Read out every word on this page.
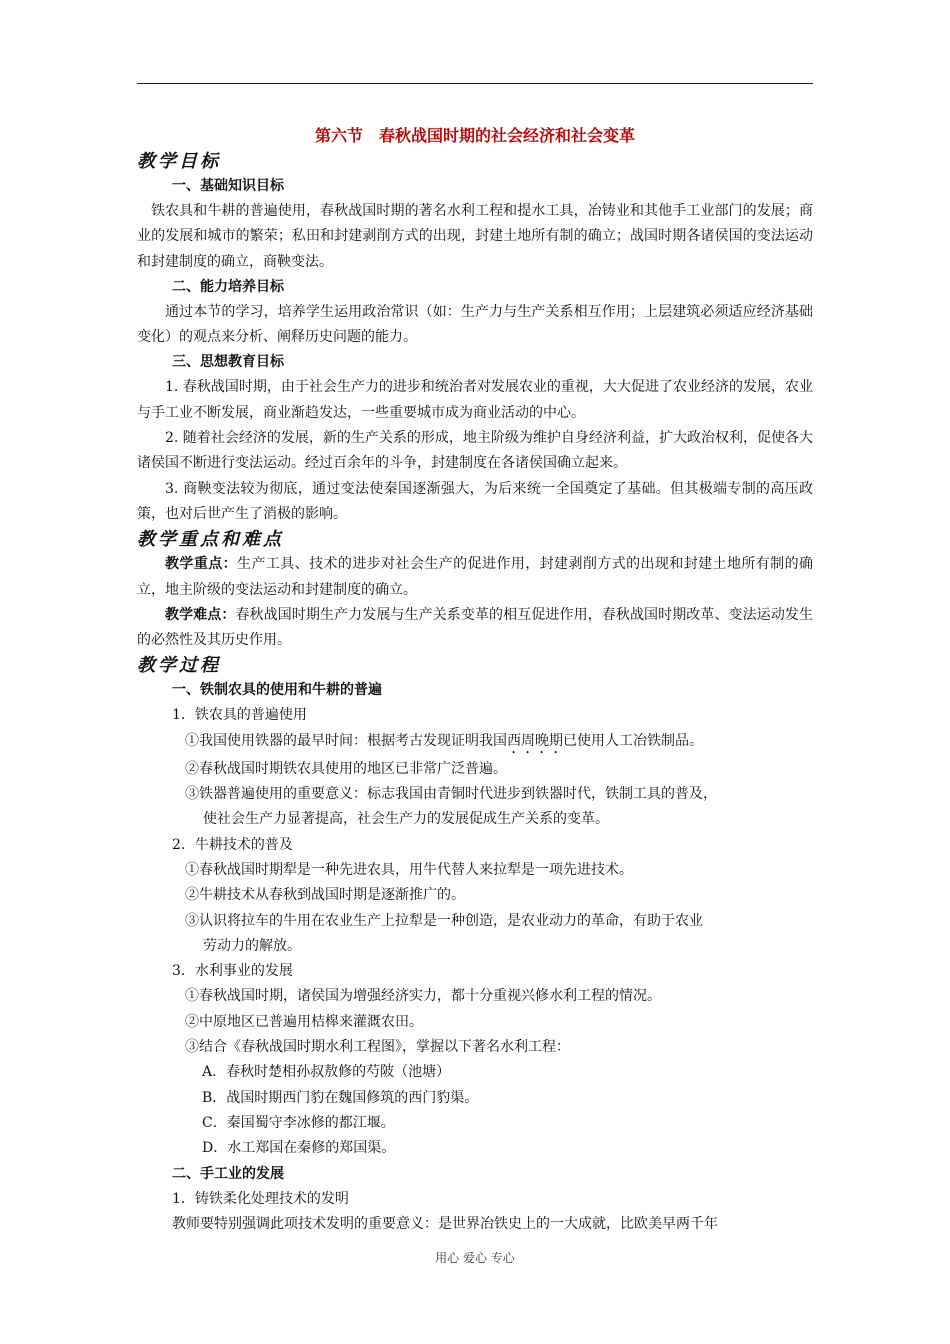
第六节 春秋战国时期的社会经济和社会变革
教学目标
一、基础知识目标

铁农具和牛耕的普遍使用，春秋战国时期的著名水利工程和提水工具，冶铸业和其他手工业部门的发展；商业的发展和城市的繁荣；私田和封建剥削方式的出现，封建土地所有制的确立；战国时期各诸侯国的变法运动和封建制度的确立，商鞅变法。

二、能力培养目标

通过本节的学习，培养学生运用政治常识（如：生产力与生产关系相互作用；上层建筑必须适应经济基础变化）的观点来分析、阐释历史问题的能力。

三、思想教育目标

1. 春秋战国时期，由于社会生产力的进步和统治者对发展农业的重视，大大促进了农业经济的发展，农业与手工业不断发展，商业渐趋发达，一些重要城市成为商业活动的中心。

2. 随着社会经济的发展，新的生产关系的形成，地主阶级为维护自身经济利益，扩大政治权利，促使各大诸侯国不断进行变法运动。经过百余年的斗争，封建制度在各诸侯国确立起来。

3. 商鞅变法较为彻底，通过变法使秦国逐渐强大，为后来统一全国奠定了基础。但其极端专制的高压政策，也对后世产生了消极的影响。

教学重点和难点

教学重点：生产工具、技术的进步对社会生产的促进作用，封建剥削方式的出现和封建土地所有制的确立，地主阶级的变法运动和封建制度的确立。

教学难点：春秋战国时期生产力发展与生产关系变革的相互促进作用，春秋战国时期改革、变法运动发生的必然性及其历史作用。

教学过程
一、铁制农具的使用和牛耕的普遍
1．铁农具的普遍使用
①我国使用铁器的最早时间：根据考古发现证明我国西周晚期已使用人工冶铁制品。
②春秋战国时期铁农具使用的地区已非常广泛普遍。
③铁器普遍使用的重要意义：标志我国由青铜时代进步到铁器时代，铁制工具的普及，
使社会生产力显著提高，社会生产力的发展促成生产关系的变革。
2．牛耕技术的普及
①春秋战国时期犁是一种先进农具，用牛代替人来拉犁是一项先进技术。
②牛耕技术从春秋到战国时期是逐渐推广的。
③认识将拉车的牛用在农业生产上拉犁是一种创造，是农业动力的革命，有助于农业
劳动力的解放。
3．水利事业的发展
①春秋战国时期，诸侯国为增强经济实力，都十分重视兴修水利工程的情况。
②中原地区已普遍用桔槔来灌溉农田。
③结合《春秋战国时期水利工程图》，掌握以下著名水利工程：
A．春秋时楚相孙叔敖修的芍陂（池塘）
B．战国时期西门豹在魏国修筑的西门豹渠。
C．秦国蜀守李冰修的都江堰。
D．水工郑国在秦修的郑国渠。
二、手工业的发展
1．铸铁柔化处理技术的发明
教师要特别强调此项技术发明的重要意义：是世界冶铁史上的一大成就，比欧美早两千年
用心 爱心 专心
